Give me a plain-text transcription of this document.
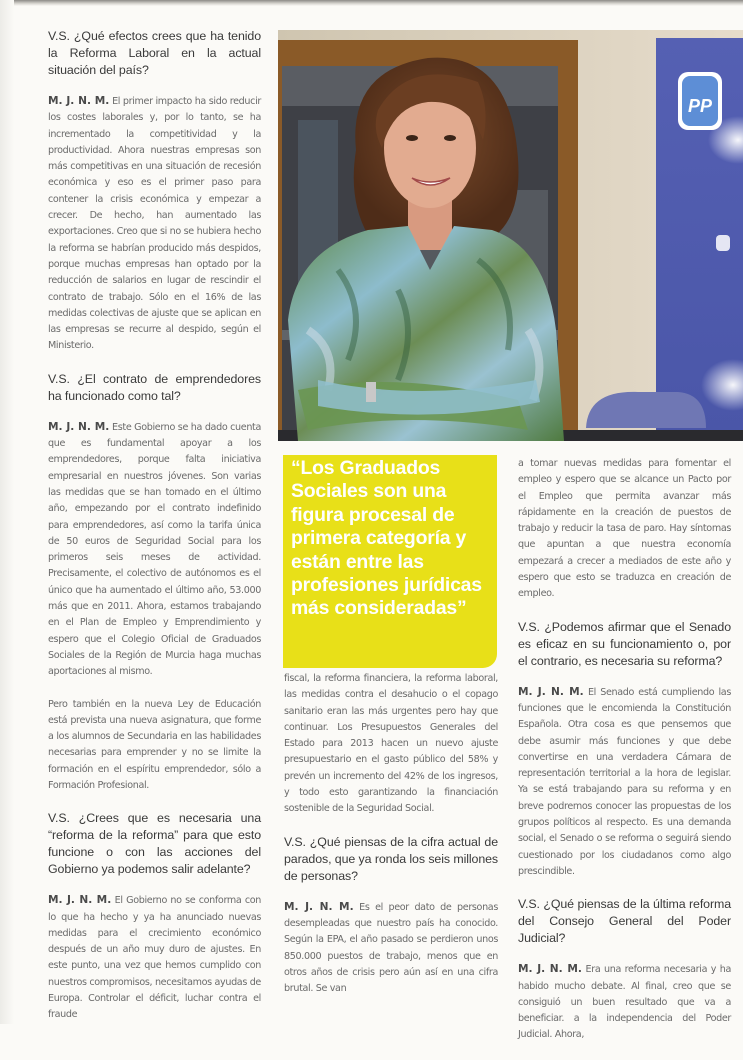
V.S. ¿Qué efectos crees que ha tenido la Reforma Laboral en la actual situación del país?

M. J. N. M. El primer impacto ha sido reducir los costes laborales y, por lo tanto, se ha incrementado la competitividad y la productividad. Ahora nuestras empresas son más competitivas en una situación de recesión económica y eso es el primer paso para contener la crisis económica y empezar a crecer. De hecho, han aumentado las exportaciones. Creo que si no se hubiera hecho la reforma se habrían producido más despidos, porque muchas empresas han optado por la reducción de salarios en lugar de rescindir el contrato de trabajo. Sólo en el 16% de las medidas colectivas de ajuste que se aplican en las empresas se recurre al despido, según el Ministerio.

V.S. ¿El contrato de emprendedores ha funcionado como tal?

M. J. N. M. Este Gobierno se ha dado cuenta que es fundamental apoyar a los emprendedores, porque falta iniciativa empresarial en nuestros jóvenes. Son varias las medidas que se han tomado en el último año, empezando por el contrato indefinido para emprendedores, así como la tarifa única de 50 euros de Seguridad Social para los primeros seis meses de actividad. Precisamente, el colectivo de autónomos es el único que ha aumentado el último año, 53.000 más que en 2011. Ahora, estamos trabajando en el Plan de Empleo y Emprendimiento y espero que el Colegio Oficial de Graduados Sociales de la Región de Murcia haga muchas aportaciones al mismo.

Pero también en la nueva Ley de Educación está prevista una nueva asignatura, que forme a los alumnos de Secundaria en las habilidades necesarias para emprender y no se limite la formación en el espíritu emprendedor, sólo a Formación Profesional.

V.S. ¿Crees que es necesaria una “reforma de la reforma” para que esto funcione o con las acciones del Gobierno ya podemos salir adelante?

M. J. N. M. El Gobierno no se conforma con lo que ha hecho y ya ha anunciado nuevas medidas para el crecimiento económico después de un año muy duro de ajustes. En este punto, una vez que hemos cumplido con nuestros compromisos, necesitamos ayudas de Europa. Controlar el déficit, luchar contra el fraude

PP

“Los Graduados Sociales son una figura procesal de primera categoría y están entre las profesiones jurídicas más consideradas”

fiscal, la reforma financiera, la reforma laboral, las medidas contra el desahucio o el copago sanitario eran las más urgentes pero hay que continuar. Los Presupuestos Generales del Estado para 2013 hacen un nuevo ajuste presupuestario en el gasto público del 58% y prevén un incremento del 42% de los ingresos, y todo esto garantizando la financiación sostenible de la Seguridad Social.

V.S. ¿Qué piensas de la cifra actual de parados, que ya ronda los seis millones de personas?

M. J. N. M. Es el peor dato de personas desempleadas que nuestro país ha conocido. Según la EPA, el año pasado se perdieron unos 850.000 puestos de trabajo, menos que en otros años de crisis pero aún así en una cifra brutal. Se van

a tomar nuevas medidas para fomentar el empleo y espero que se alcance un Pacto por el Empleo que permita avanzar más rápidamente en la creación de puestos de trabajo y reducir la tasa de paro. Hay síntomas que apuntan a que nuestra economía empezará a crecer a mediados de este año y espero que esto se traduzca en creación de empleo.

V.S. ¿Podemos afirmar que el Senado es eficaz en su funcionamiento o, por el contrario, es necesaria su reforma?

M. J. N. M. El Senado está cumpliendo las funciones que le encomienda la Constitución Española. Otra cosa es que pensemos que debe asumir más funciones y que debe convertirse en una verdadera Cámara de representación territorial a la hora de legislar. Ya se está trabajando para su reforma y en breve podremos conocer las propuestas de los grupos políticos al respecto. Es una demanda social, el Senado o se reforma o seguirá siendo cuestionado por los ciudadanos como algo prescindible.

V.S. ¿Qué piensas de la última reforma del Consejo General del Poder Judicial?

M. J. N. M. Era una reforma necesaria y ha habido mucho debate. Al final, creo que se consiguió un buen resultado que va a beneficiar. a la independencia del Poder Judicial. Ahora,
